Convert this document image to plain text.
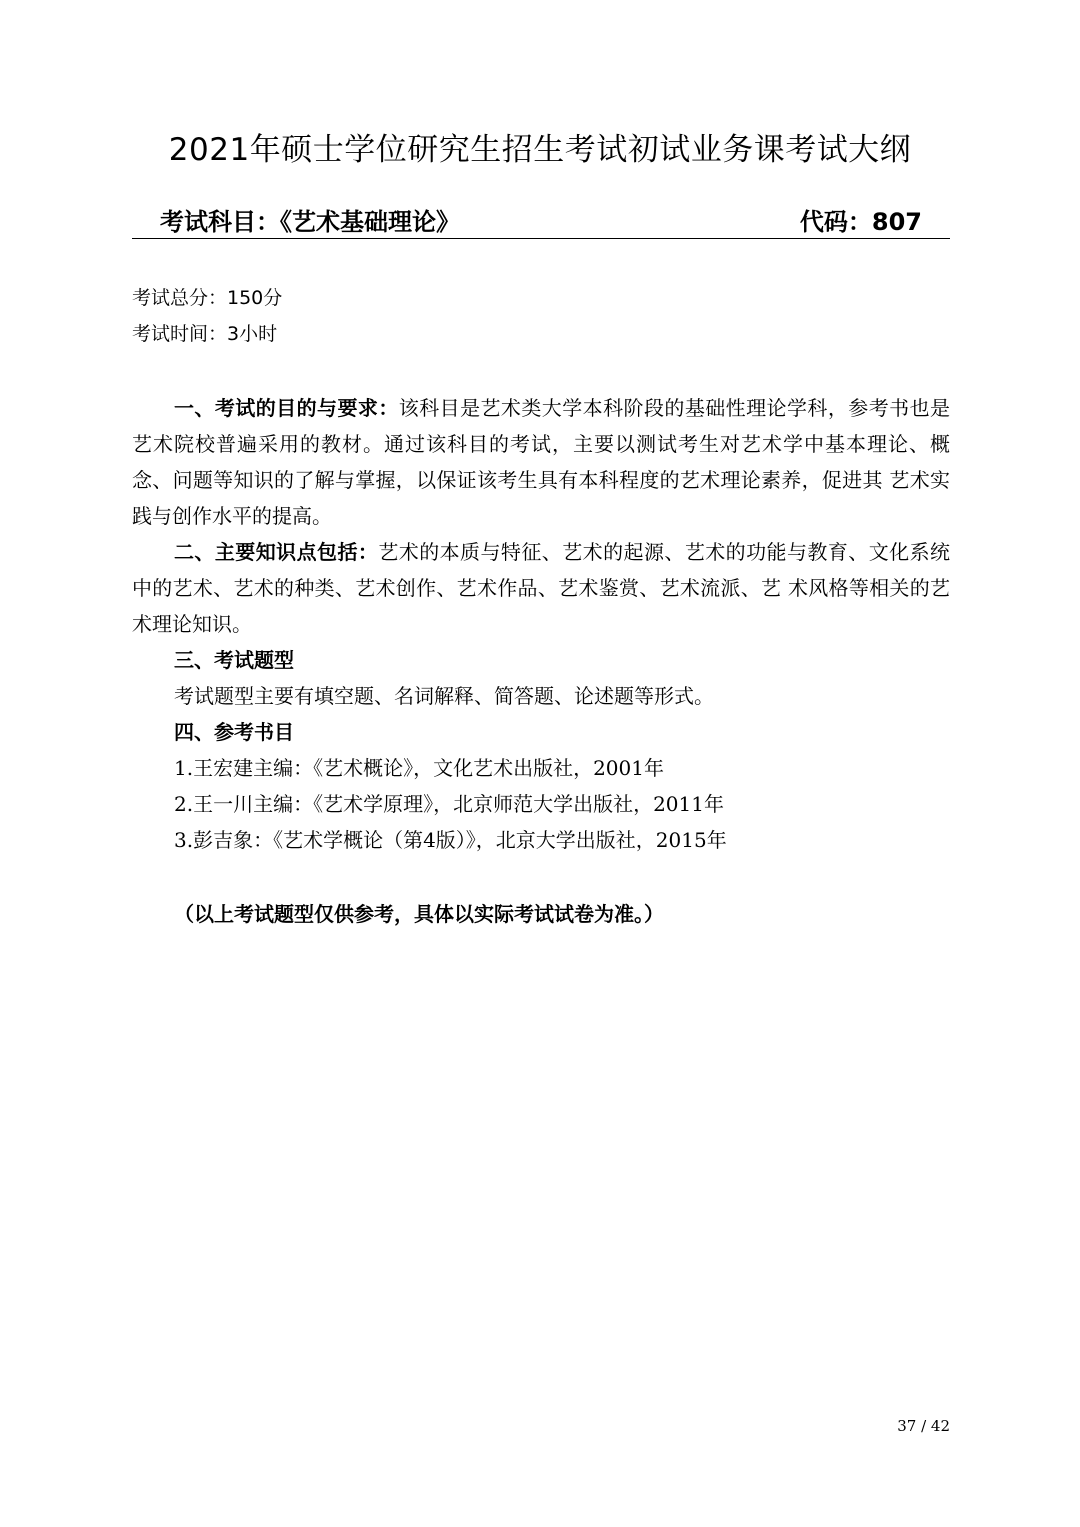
2021年硕士学位研究生招生考试初试业务课考试大纲
考试科目：《艺术基础理论》	代码：807
考试总分：150分
考试时间：3小时

一、考试的目的与要求：该科目是艺术类大学本科阶段的基础性理论学科，参考书也是艺术院校普遍采用的教材。通过该科目的考试，主要以测试考生对艺术学中基本理论、概念、问题等知识的了解与掌握，以保证该考生具有本科程度的艺术理论素养，促进其 艺术实践与创作水平的提高。

二、主要知识点包括：艺术的本质与特征、艺术的起源、艺术的功能与教育、文化系统中的艺术、艺术的种类、艺术创作、艺术作品、艺术鉴赏、艺术流派、艺 术风格等相关的艺术理论知识。

三、考试题型

考试题型主要有填空题、名词解释、简答题、论述题等形式。

四、参考书目

1.王宏建主编：《艺术概论》，文化艺术出版社，2001年

2.王一川主编：《艺术学原理》，北京师范大学出版社，2011年

3.彭吉象：《艺术学概论（第4版）》，北京大学出版社，2015年

（以上考试题型仅供参考，具体以实际考试试卷为准。）
37 / 42
